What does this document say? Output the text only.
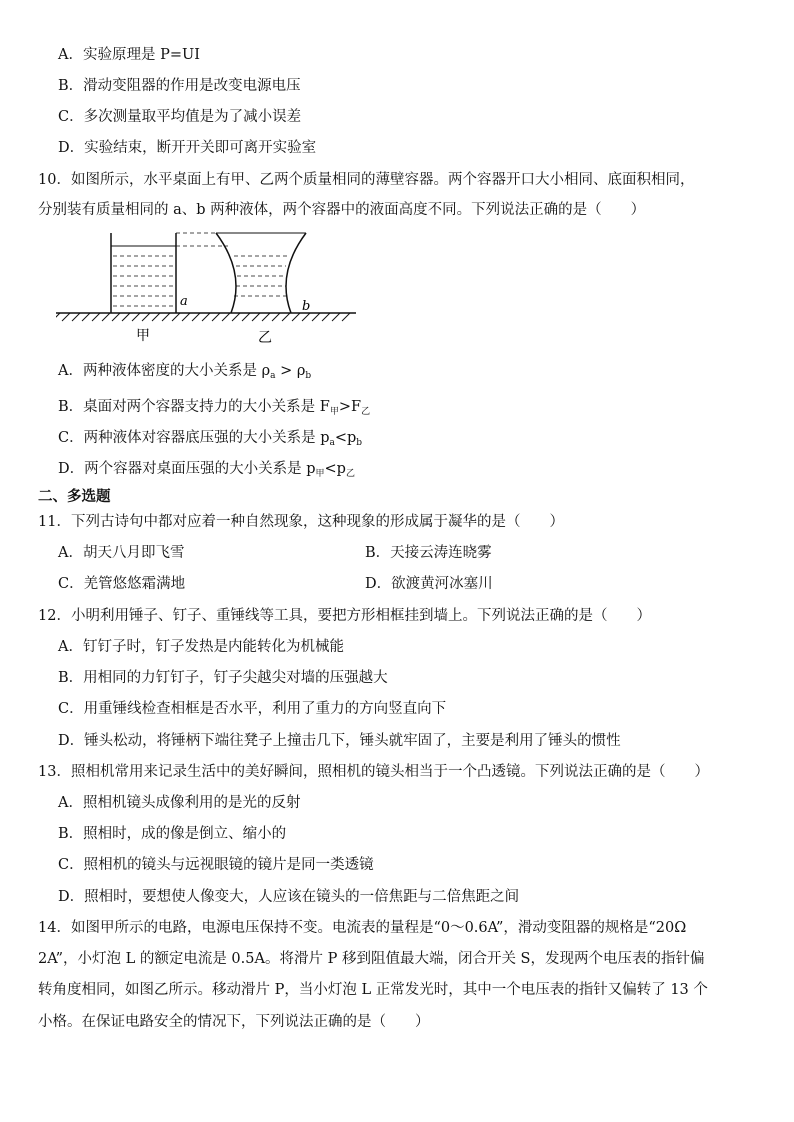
A．实验原理是 P=UI
B．滑动变阻器的作用是改变电源电压
C．多次测量取平均值是为了减小误差
D．实验结束，断开开关即可离开实验室
10．如图所示，水平桌面上有甲、乙两个质量相同的薄壁容器。两个容器开口大小相同、底面积相同，
分别装有质量相同的 a、b 两种液体，两个容器中的液面高度不同。下列说法正确的是（　　）
a	b
甲	乙
A．两种液体密度的大小关系是 $\rho_a > \rho_b$
B．桌面对两个容器支持力的大小关系是 $F_甲>F_乙$
C．两种液体对容器底压强的大小关系是 $p_a<p_b$
D．两个容器对桌面压强的大小关系是 $p_甲<p_乙$
二、多选题
11．下列古诗句中都对应着一种自然现象，这种现象的形成属于凝华的是（　　）
A．胡天八月即飞雪	B．天接云涛连晓雾
C．羌管悠悠霜满地	D．欲渡黄河冰塞川
12．小明利用锤子、钉子、重锤线等工具，要把方形相框挂到墙上。下列说法正确的是（　　）
A．钉钉子时，钉子发热是内能转化为机械能
B．用相同的力钉钉子，钉子尖越尖对墙的压强越大
C．用重锤线检查相框是否水平，利用了重力的方向竖直向下
D．锤头松动，将锤柄下端往凳子上撞击几下，锤头就牢固了，主要是利用了锤头的惯性
13．照相机常用来记录生活中的美好瞬间，照相机的镜头相当于一个凸透镜。下列说法正确的是（　　）
A．照相机镜头成像利用的是光的反射
B．照相时，成的像是倒立、缩小的
C．照相机的镜头与远视眼镜的镜片是同一类透镜
D．照相时，要想使人像变大，人应该在镜头的一倍焦距与二倍焦距之间
14．如图甲所示的电路，电源电压保持不变。电流表的量程是“0～0.6A”，滑动变阻器的规格是“20Ω
2A”，小灯泡 L 的额定电流是 0.5A。将滑片 P 移到阻值最大端，闭合开关 S，发现两个电压表的指针偏
转角度相同，如图乙所示。移动滑片 P，当小灯泡 L 正常发光时，其中一个电压表的指针又偏转了 13 个
小格。在保证电路安全的情况下，下列说法正确的是（　　）
